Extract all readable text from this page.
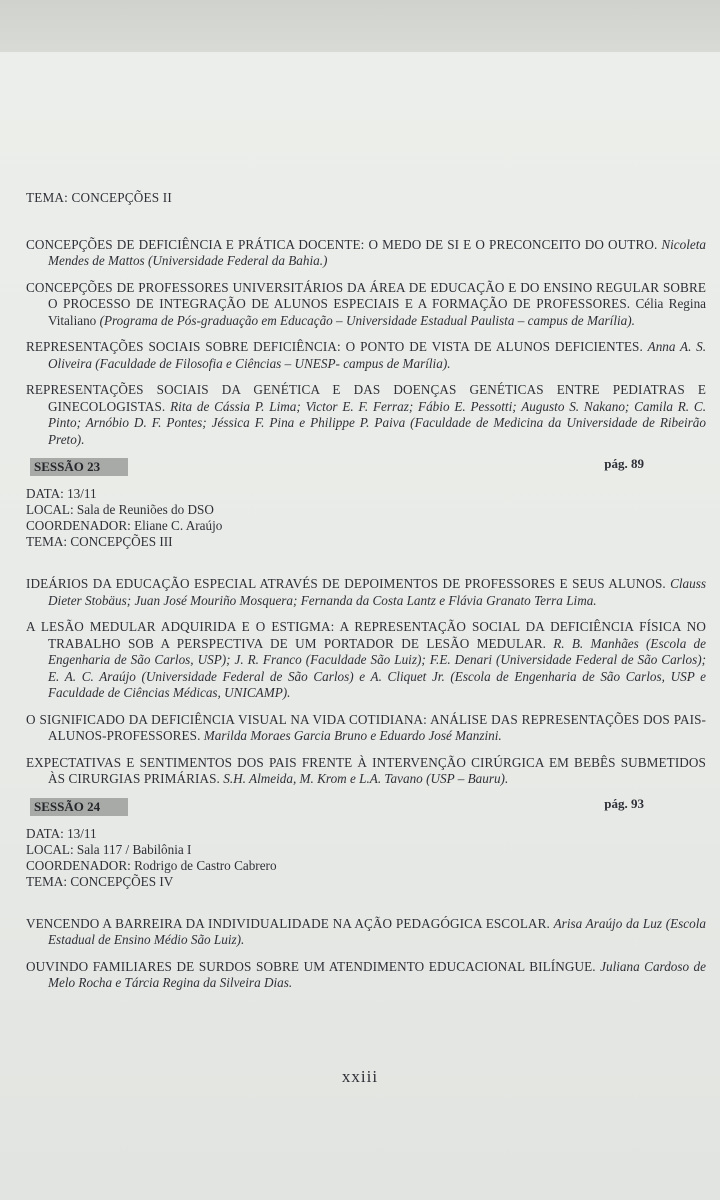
TEMA: CONCEPÇÕES II

CONCEPÇÕES DE DEFICIÊNCIA E PRÁTICA DOCENTE: O MEDO DE SI E O PRECONCEITO DO OUTRO. Nicoleta Mendes de Mattos (Universidade Federal da Bahia.)

CONCEPÇÕES DE PROFESSORES UNIVERSITÁRIOS DA ÁREA DE EDUCAÇÃO E DO ENSINO REGULAR SOBRE O PROCESSO DE INTEGRAÇÃO DE ALUNOS ESPECIAIS E A FORMAÇÃO DE PROFESSORES. Célia Regina Vitaliano (Programa de Pós-graduação em Educação – Universidade Estadual Paulista – campus de Marília).

REPRESENTAÇÕES SOCIAIS SOBRE DEFICIÊNCIA: O PONTO DE VISTA DE ALUNOS DEFICIENTES. Anna A. S. Oliveira (Faculdade de Filosofia e Ciências – UNESP- campus de Marília).

REPRESENTAÇÕES SOCIAIS DA GENÉTICA E DAS DOENÇAS GENÉTICAS ENTRE PEDIATRAS E GINECOLOGISTAS. Rita de Cássia P. Lima; Victor E. F. Ferraz; Fábio E. Pessotti; Augusto S. Nakano; Camila R. C. Pinto; Arnóbio D. F. Pontes; Jéssica F. Pina e Philippe P. Paiva (Faculdade de Medicina da Universidade de Ribeirão Preto).

SESSÃO 23	pág. 89
DATA: 13/11
LOCAL: Sala de Reuniões do DSO
COORDENADOR: Eliane C. Araújo
TEMA: CONCEPÇÕES III

IDEÁRIOS DA EDUCAÇÃO ESPECIAL ATRAVÉS DE DEPOIMENTOS DE PROFESSORES E SEUS ALUNOS. Clauss Dieter Stobäus; Juan José Mouriño Mosquera; Fernanda da Costa Lantz e Flávia Granato Terra Lima.

A LESÃO MEDULAR ADQUIRIDA E O ESTIGMA: A REPRESENTAÇÃO SOCIAL DA DEFICIÊNCIA FÍSICA NO TRABALHO SOB A PERSPECTIVA DE UM PORTADOR DE LESÃO MEDULAR. R. B. Manhães (Escola de Engenharia de São Carlos, USP); J. R. Franco (Faculdade São Luiz); F.E. Denari (Universidade Federal de São Carlos); E. A. C. Araújo (Universidade Federal de São Carlos) e A. Cliquet Jr. (Escola de Engenharia de São Carlos, USP e Faculdade de Ciências Médicas, UNICAMP).

O SIGNIFICADO DA DEFICIÊNCIA VISUAL NA VIDA COTIDIANA: ANÁLISE DAS REPRESENTAÇÕES DOS PAIS-ALUNOS-PROFESSORES. Marilda Moraes Garcia Bruno e Eduardo José Manzini.

EXPECTATIVAS E SENTIMENTOS DOS PAIS FRENTE À INTERVENÇÃO CIRÚRGICA EM BEBÊS SUBMETIDOS ÀS CIRURGIAS PRIMÁRIAS. S.H. Almeida, M. Krom e L.A. Tavano (USP – Bauru).

SESSÃO 24	pág. 93
DATA: 13/11
LOCAL: Sala 117 / Babilônia I
COORDENADOR: Rodrigo de Castro Cabrero
TEMA: CONCEPÇÕES IV

VENCENDO A BARREIRA DA INDIVIDUALIDADE NA AÇÃO PEDAGÓGICA ESCOLAR. Arisa Araújo da Luz (Escola Estadual de Ensino Médio São Luiz).

OUVINDO FAMILIARES DE SURDOS SOBRE UM ATENDIMENTO EDUCACIONAL BILÍNGUE. Juliana Cardoso de Melo Rocha e Tárcia Regina da Silveira Dias.

xxiii
